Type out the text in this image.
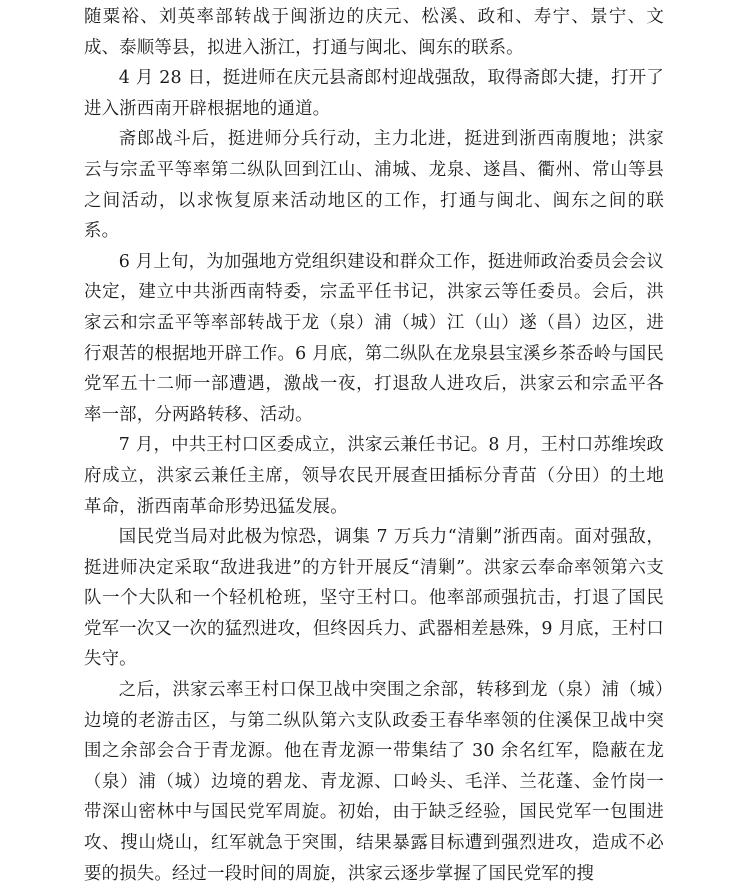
随粟裕、刘英率部转战于闽浙边的庆元、松溪、政和、寿宁、景宁、文成、泰顺等县，拟进入浙江，打通与闽北、闽东的联系。

4 月 28 日，挺进师在庆元县斋郎村迎战强敌，取得斋郎大捷，打开了进入浙西南开辟根据地的通道。

斋郎战斗后，挺进师分兵行动，主力北进，挺进到浙西南腹地；洪家云与宗孟平等率第二纵队回到江山、浦城、龙泉、遂昌、衢州、常山等县之间活动，以求恢复原来活动地区的工作，打通与闽北、闽东之间的联系。

6 月上旬，为加强地方党组织建设和群众工作，挺进师政治委员会会议决定，建立中共浙西南特委，宗孟平任书记，洪家云等任委员。会后，洪家云和宗孟平等率部转战于龙（泉）浦（城）江（山）遂（昌）边区，进行艰苦的根据地开辟工作。6 月底，第二纵队在龙泉县宝溪乡茶岙岭与国民党军五十二师一部遭遇，激战一夜，打退敌人进攻后，洪家云和宗孟平各率一部，分两路转移、活动。

7 月，中共王村口区委成立，洪家云兼任书记。8 月，王村口苏维埃政府成立，洪家云兼任主席，领导农民开展查田插标分青苗（分田）的土地革命，浙西南革命形势迅猛发展。

国民党当局对此极为惊恐，调集 7 万兵力“清剿”浙西南。面对强敌，挺进师决定采取“敌进我进”的方针开展反“清剿”。洪家云奉命率领第六支队一个大队和一个轻机枪班，坚守王村口。他率部顽强抗击，打退了国民党军一次又一次的猛烈进攻，但终因兵力、武器相差悬殊，9 月底，王村口失守。

之后，洪家云率王村口保卫战中突围之余部，转移到龙（泉）浦（城）边境的老游击区，与第二纵队第六支队政委王春华率领的住溪保卫战中突围之余部会合于青龙源。他在青龙源一带集结了 30 余名红军，隐蔽在龙（泉）浦（城）边境的碧龙、青龙源、口岭头、毛洋、兰花蓬、金竹岗一带深山密林中与国民党军周旋。初始，由于缺乏经验，国民党军一包围进攻、搜山烧山，红军就急于突围，结果暴露目标遭到强烈进攻，造成不必要的损失。经过一段时间的周旋，洪家云逐步掌握了国民党军的搜
